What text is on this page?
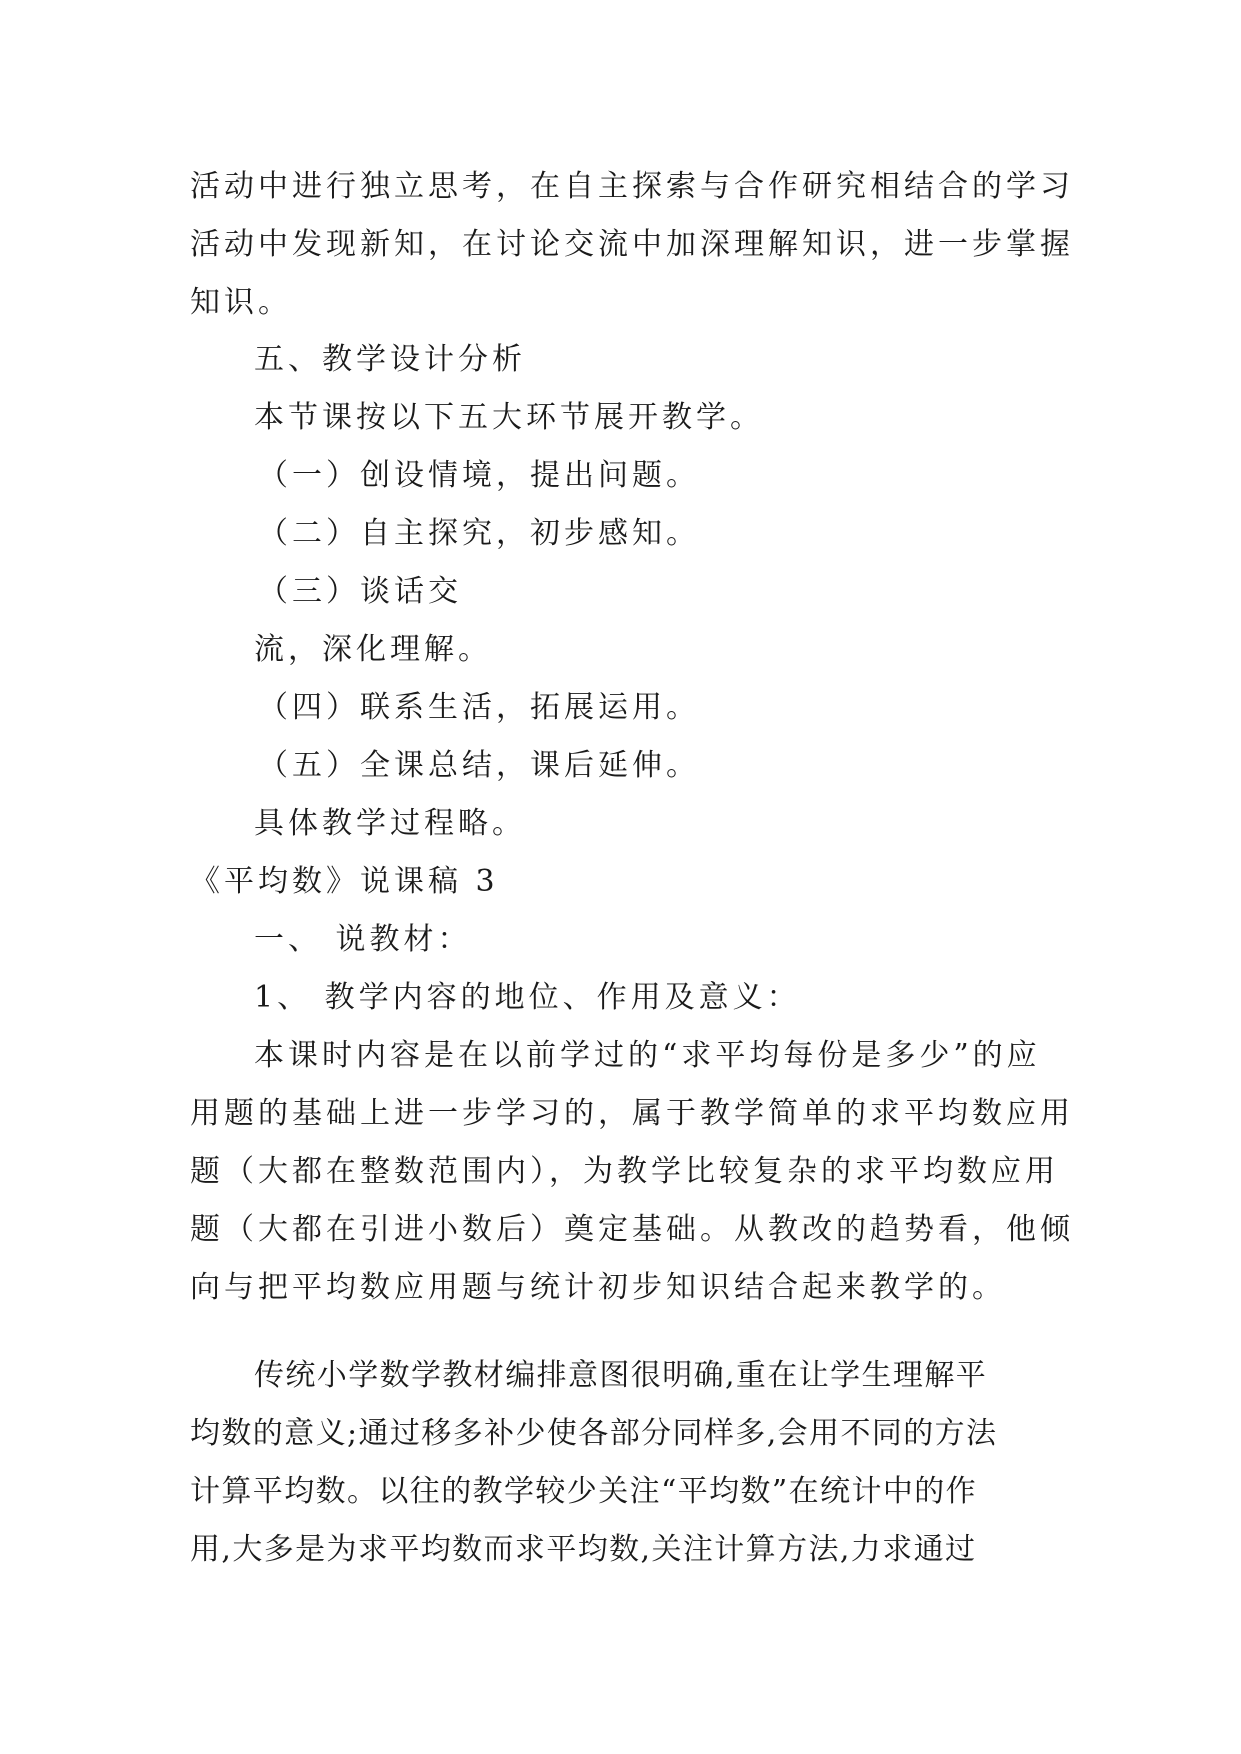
活动中进行独立思考，在自主探索与合作研究相结合的学习
活动中发现新知，在讨论交流中加深理解知识，进一步掌握
知识。
五、教学设计分析
本节课按以下五大环节展开教学。
（一）创设情境，提出问题。
（二）自主探究，初步感知。
（三）谈话交
流，深化理解。
（四）联系生活，拓展运用。
（五）全课总结，课后延伸。
具体教学过程略。
《平均数》说课稿 3
一、 说教材：
1、 教学内容的地位、作用及意义：
本课时内容是在以前学过的“求平均每份是多少”的应
用题的基础上进一步学习的，属于教学简单的求平均数应用
题（大都在整数范围内），为教学比较复杂的求平均数应用
题（大都在引进小数后）奠定基础。从教改的趋势看，他倾
向与把平均数应用题与统计初步知识结合起来教学的。
传统小学数学教材编排意图很明确,重在让学生理解平
均数的意义;通过移多补少使各部分同样多,会用不同的方法
计算平均数。以往的教学较少关注“平均数”在统计中的作
用,大多是为求平均数而求平均数,关注计算方法,力求通过
